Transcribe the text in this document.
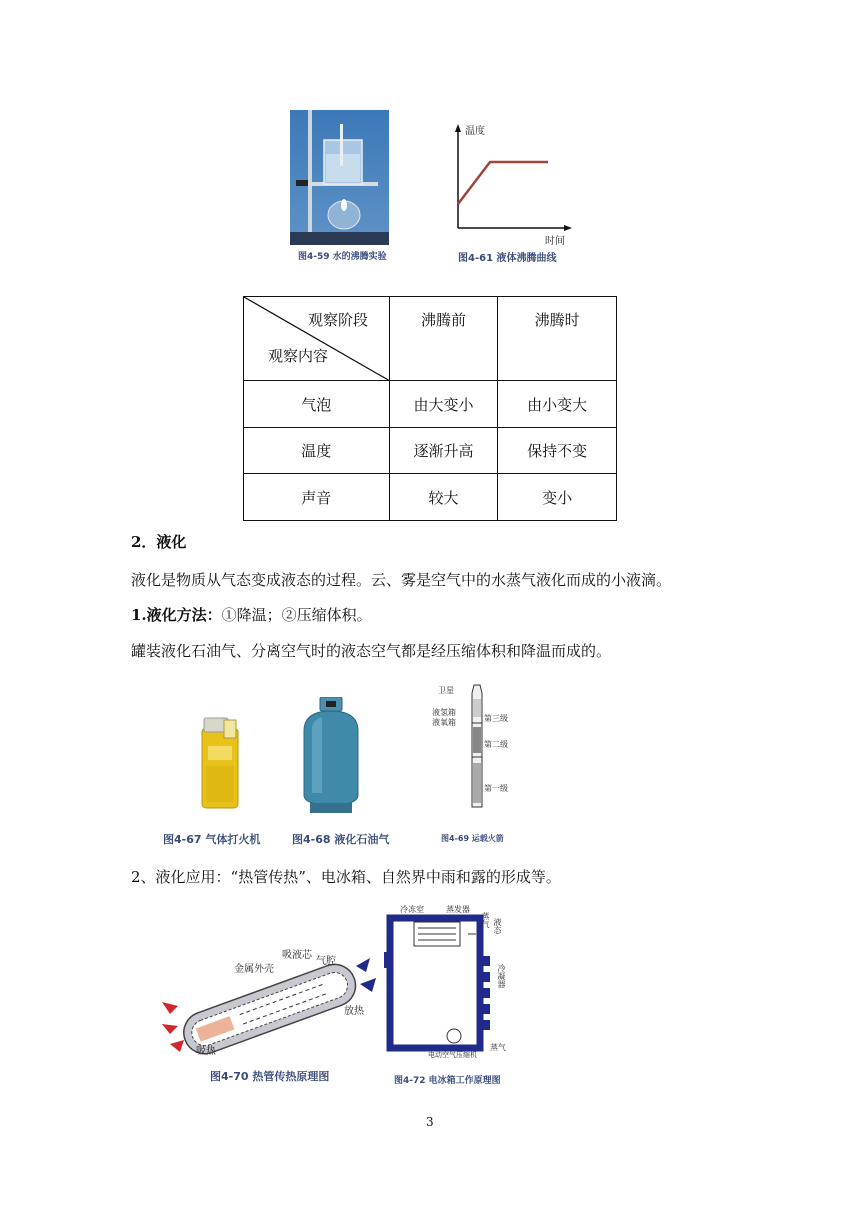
图4-59 水的沸腾实验
温度
时间
图4-61 液体沸腾曲线
观察阶段
观察内容	沸腾前	沸腾时
气泡	由大变小	由小变大
温度	逐渐升高	保持不变
声音	较大	变小
2．液化
液化是物质从气态变成液态的过程。云、雾是空气中的水蒸气液化而成的小液滴。
1.液化方法：①降温；②压缩体积。
罐装液化石油气、分离空气时的液态空气都是经压缩体积和降温而成的。
卫星
液氢箱
液氧箱	第三级
第二级
第一级
图4-67 气体打火机	图4-68 液化石油气	图4-69 运载火箭
2、液化应用：“热管传热”、电冰箱、自然界中雨和露的形成等。
金属外壳
吸液芯
气腔
放热
吸热
图4-70 热管传热原理图
冷冻室	蒸发器
蒸气 液态
冷凝器
蒸气
电动空气压缩机
图4-72 电冰箱工作原理图
3
